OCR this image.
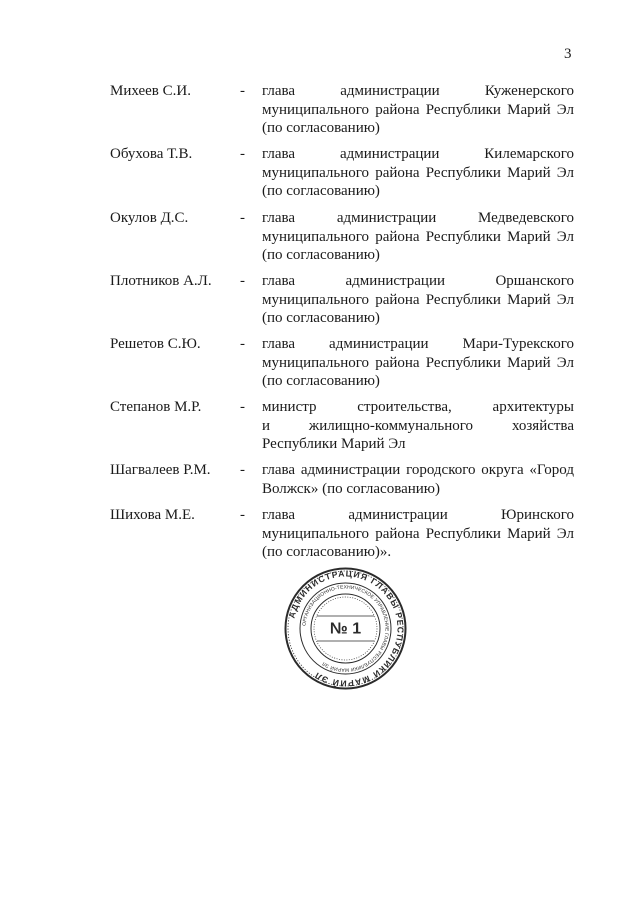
3
Михеев С.И.	- глава	администрации	Куженерского
муниципального района Республики Марий Эл
(по согласованию)
Обухова Т.В.	- глава	администрации	Килемарского
муниципального района Республики Марий Эл
(по согласованию)
Окулов Д.С.	- глава	администрации	Медведевского
муниципального района Республики Марий Эл
(по согласованию)
Плотников А.Л. - глава	администрации	Оршанского
муниципального района Республики Марий Эл
(по согласованию)
Решетов С.Ю.	- глава администрации Мари-Турекского
муниципального района Республики Марий Эл
(по согласованию)
Степанов М.Р.	- министр	строительства,	архитектуры
и	жилищно-коммунального	хозяйства
Республики Марий Эл
Шагвалеев Р.М. - глава администрации городского округа «Город
Волжск» (по согласованию)
Шихова М.Е.	- глава	администрации	Юринского
муниципального района Республики Марий Эл
(по согласованию)».
АДМИНИСТРАЦИЯ ГЛАВЫ РЕСПУБЛИКИ МАРИЙ ЭЛ
ОРГАНИЗАЦИОННО-ТЕХНИЧЕСКОЕ УПРАВЛЕНИЕ ГЛАВЫ РЕСПУБЛИКИ МАРИЙ ЭЛ
№ 1
